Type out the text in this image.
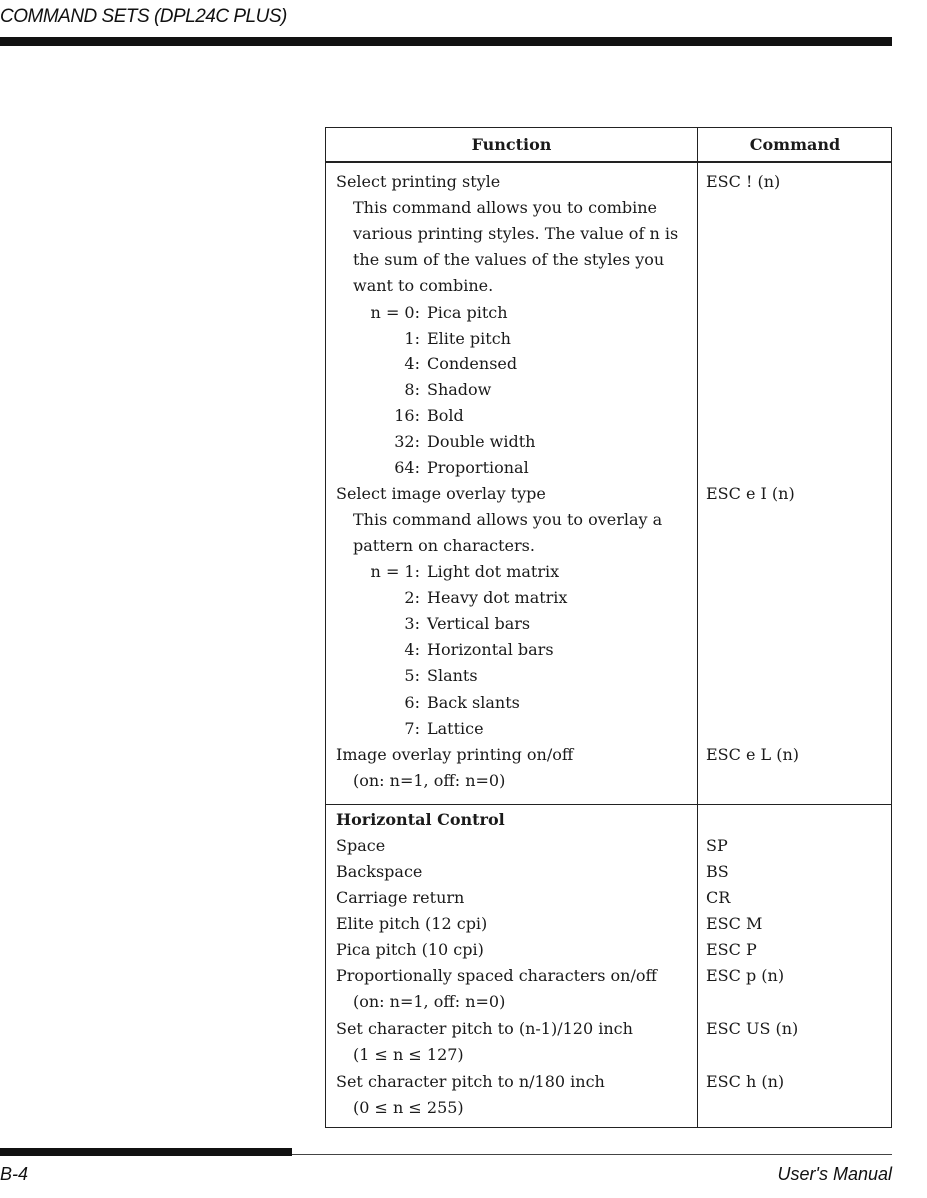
COMMAND SETS (DPL24C PLUS)
Function	Command
Select printing style	ESC ! (n)
This command allows you to combine
various printing styles. The value of n is
the sum of the values of the styles you
want to combine.
n = 0: Pica pitch
1: Elite pitch
4: Condensed
8: Shadow
16: Bold
32: Double width
64: Proportional
Select image overlay type	ESC e I (n)
This command allows you to overlay a
pattern on characters.
n = 1: Light dot matrix
2: Heavy dot matrix
3: Vertical bars
4: Horizontal bars
5: Slants
6: Back slants
7: Lattice
Image overlay printing on/off	ESC e L (n)
(on: n=1, off: n=0)
Horizontal Control
Space	SP
Backspace	BS
Carriage return	CR
Elite pitch (12 cpi)	ESC M
Pica pitch (10 cpi)	ESC P
Proportionally spaced characters on/off	ESC p (n)
(on: n=1, off: n=0)
Set character pitch to (n-1)/120 inch	ESC US (n)
(1 ≤ n ≤ 127)
Set character pitch to n/180 inch	ESC h (n)
(0 ≤ n ≤ 255)
B-4	User's Manual
